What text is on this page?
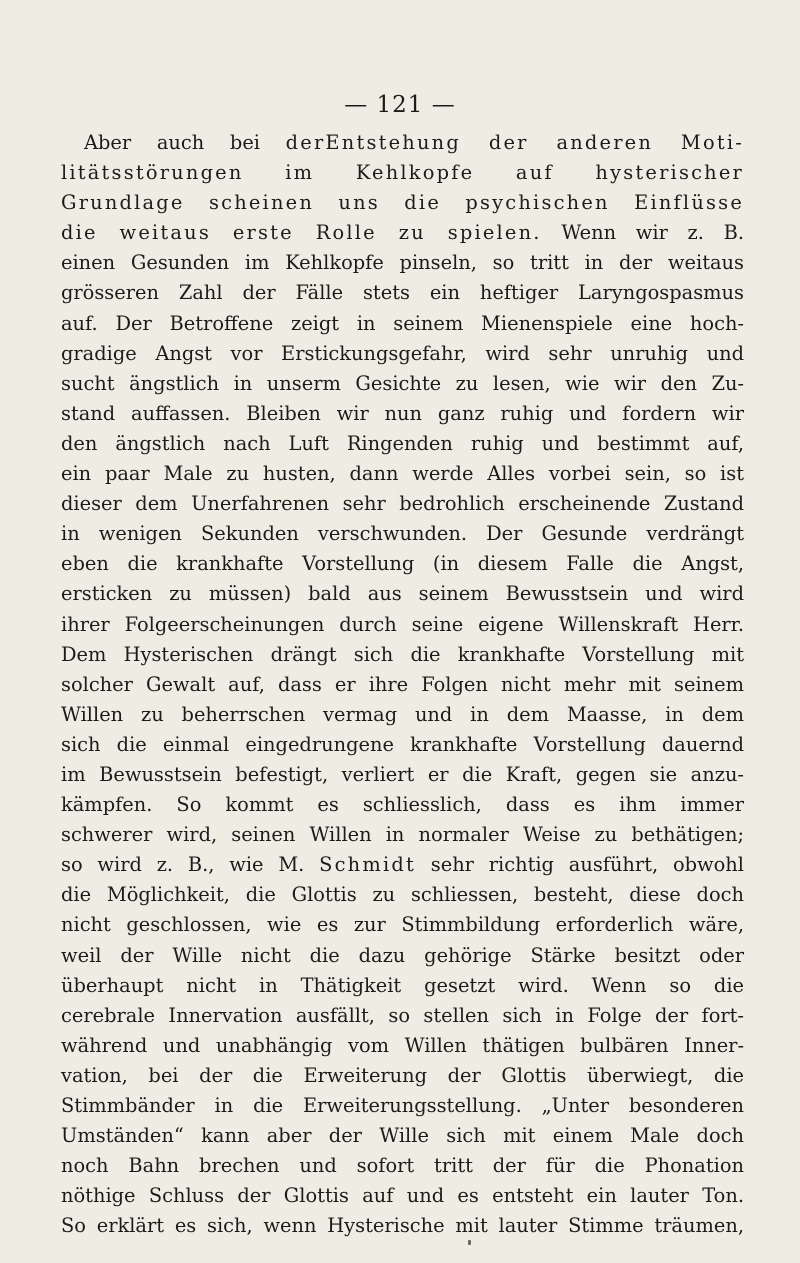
— 121 —
Aber auch bei derEntstehung der anderen Moti-
litätsstörungen im Kehlkopfe auf hysterischer
Grundlage scheinen uns die psychischen Einflüsse
die weitaus erste Rolle zu spielen. Wenn wir z. B.
einen Gesunden im Kehlkopfe pinseln, so tritt in der weitaus
grösseren Zahl der Fälle stets ein heftiger Laryngospasmus
auf. Der Betroffene zeigt in seinem Mienenspiele eine hoch-
gradige Angst vor Erstickungsgefahr, wird sehr unruhig und
sucht ängstlich in unserm Gesichte zu lesen, wie wir den Zu-
stand auffassen. Bleiben wir nun ganz ruhig und fordern wir
den ängstlich nach Luft Ringenden ruhig und bestimmt auf,
ein paar Male zu husten, dann werde Alles vorbei sein, so ist
dieser dem Unerfahrenen sehr bedrohlich erscheinende Zustand
in wenigen Sekunden verschwunden. Der Gesunde verdrängt
eben die krankhafte Vorstellung (in diesem Falle die Angst,
ersticken zu müssen) bald aus seinem Bewusstsein und wird
ihrer Folgeerscheinungen durch seine eigene Willenskraft Herr.
Dem Hysterischen drängt sich die krankhafte Vorstellung mit
solcher Gewalt auf, dass er ihre Folgen nicht mehr mit seinem
Willen zu beherrschen vermag und in dem Maasse, in dem
sich die einmal eingedrungene krankhafte Vorstellung dauernd
im Bewusstsein befestigt, verliert er die Kraft, gegen sie anzu-
kämpfen. So kommt es schliesslich, dass es ihm immer
schwerer wird, seinen Willen in normaler Weise zu bethätigen;
so wird z. B., wie M. Schmidt sehr richtig ausführt, obwohl
die Möglichkeit, die Glottis zu schliessen, besteht, diese doch
nicht geschlossen, wie es zur Stimmbildung erforderlich wäre,
weil der Wille nicht die dazu gehörige Stärke besitzt oder
überhaupt nicht in Thätigkeit gesetzt wird. Wenn so die
cerebrale Innervation ausfällt, so stellen sich in Folge der fort-
während und unabhängig vom Willen thätigen bulbären Inner-
vation, bei der die Erweiterung der Glottis überwiegt, die
Stimmbänder in die Erweiterungsstellung. „Unter besonderen
Umständen“ kann aber der Wille sich mit einem Male doch
noch Bahn brechen und sofort tritt der für die Phonation
nöthige Schluss der Glottis auf und es entsteht ein lauter Ton.
So erklärt es sich, wenn Hysterische mit lauter Stimme träumen,
